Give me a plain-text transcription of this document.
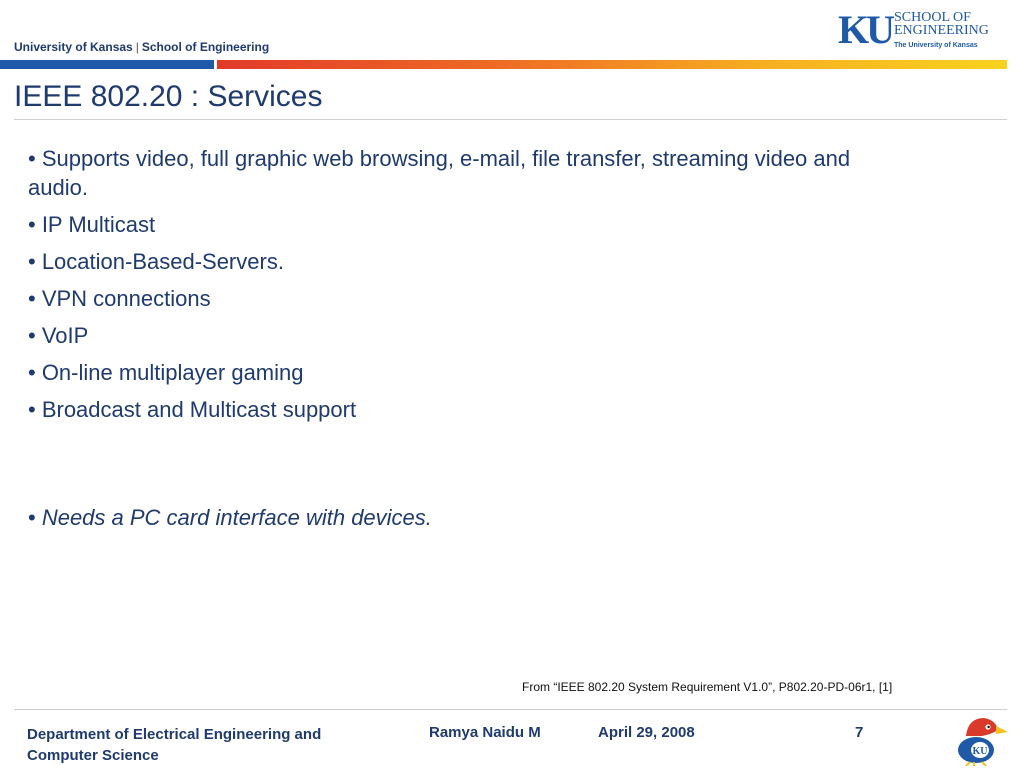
University of Kansas | School of Engineering	KU SCHOOL OF
ENGINEERING
The University of Kansas
IEEE 802.20 : Services
• Supports video, full graphic web browsing, e-mail, file transfer, streaming video and audio.
• IP Multicast
• Location-Based-Servers.
• VPN connections
• VoIP
• On-line multiplayer gaming
• Broadcast and Multicast support
• Needs a PC card interface with devices.
From “IEEE 802.20 System Requirement V1.0”, P802.20-PD-06r1, [1]
Department of Electrical Engineering and Computer Science
Ramya Naidu M	April 29, 2008	7
KU
